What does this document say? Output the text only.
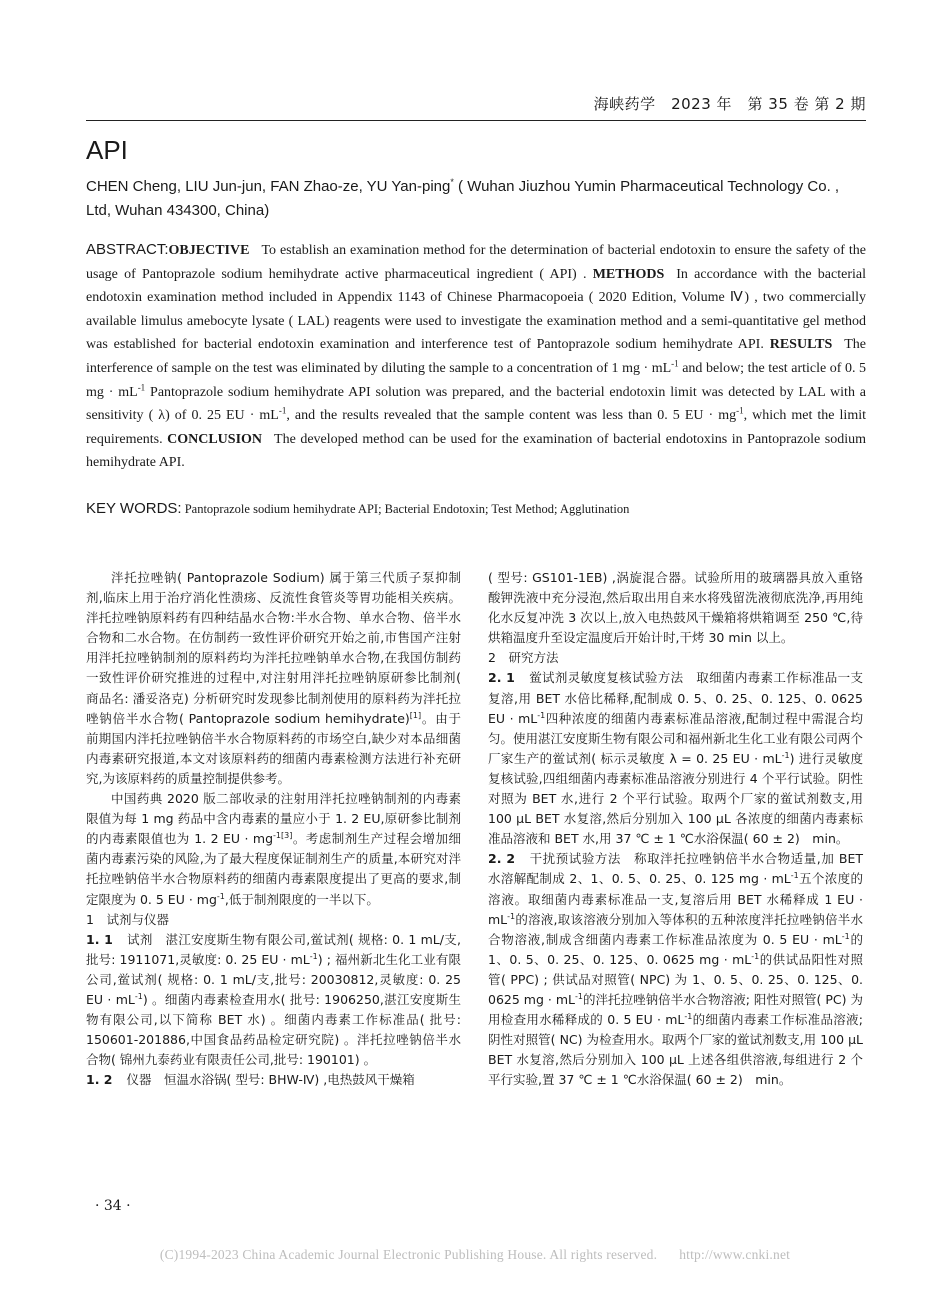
海峡药学　2023 年　第 35 卷 第 2 期
API
CHEN Cheng, LIU Jun-jun, FAN Zhao-ze, YU Yan-ping* ( Wuhan Jiuzhou Yumin Pharmaceutical Technology Co. , Ltd, Wuhan 434300, China)
ABSTRACT:OBJECTIVE To establish an examination method for the determination of bacterial endotoxin to ensure the safety of the usage of Pantoprazole sodium hemihydrate active pharmaceutical ingredient ( API) . METHODS In accordance with the bacterial endotoxin examination method included in Appendix 1143 of Chinese Pharmacopoeia ( 2020 Edition, Volume Ⅳ) , two commercially available limulus amebocyte lysate ( LAL) reagents were used to investigate the examination method and a semi-quantitative gel method was established for bacterial endotoxin examination and interference test of Pantoprazole sodium hemihydrate API. RESULTS The interference of sample on the test was eliminated by diluting the sample to a concentration of 1 mg · $mL^{-1}$ and below; the test article of 0. 5 mg · $mL^{-1}$ Pantoprazole sodium hemihydrate API solution was prepared, and the bacterial endotoxin limit was detected by LAL with a sensitivity ( λ) of 0. 25 EU · $mL^{-1}$, and the results revealed that the sample content was less than 0. 5 EU · $mg^{-1}$, which met the limit requirements. CONCLUSION The developed method can be used for the examination of bacterial endotoxins in Pantoprazole sodium hemihydrate API.
KEY WORDS: Pantoprazole sodium hemihydrate API; Bacterial Endotoxin; Test Method; Agglutination

泮托拉唑钠( Pantoprazole Sodium) 属于第三代质子泵抑制剂,临床上用于治疗消化性溃疡、反流性食管炎等胃功能相关疾病。泮托拉唑钠原料药有四种结晶水合物:半水合物、单水合物、倍半水合物和二水合物。在仿制药一致性评价研究开始之前,市售国产注射用泮托拉唑钠制剂的原料药均为泮托拉唑钠单水合物,在我国仿制药一致性评价研究推进的过程中,对注射用泮托拉唑钠原研参比制剂( 商品名: 潘妥洛克) 分析研究时发现参比制剂使用的原料药为泮托拉唑钠倍半水合物( Pantoprazole sodium hemihydrate)[1]。由于前期国内泮托拉唑钠倍半水合物原料药的市场空白,缺少对本品细菌内毒素研究报道,本文对该原料药的细菌内毒素检测方法进行补充研究,为该原料药的质量控制提供参考。

中国药典 2020 版二部收录的注射用泮托拉唑钠制剂的内毒素限值为每 1 mg 药品中含内毒素的量应小于 1. 2 EU,原研参比制剂的内毒素限值也为 1. 2 EU · $mg^{-1[3]}$。考虑制剂生产过程会增加细菌内毒素污染的风险,为了最大程度保证制剂生产的质量,本研究对泮托拉唑钠倍半水合物原料药的细菌内毒素限度提出了更高的要求,制定限度为 0. 5 EU · $mg^{-1}$,低于制剂限度的一半以下。

1　试剂与仪器

1. 1 试剂　湛江安度斯生物有限公司,鲎试剂( 规格: 0. 1 mL/支,批号: 1911071,灵敏度: 0. 25 EU · $mL^{-1}$) ; 福州新北生化工业有限公司,鲎试剂( 规格: 0. 1 mL/支,批号: 20030812,灵敏度: 0. 25 EU · $mL^{-1}$) 。细菌内毒素检查用水( 批号: 1906250,湛江安度斯生物有限公司,以下简称 BET 水) 。细菌内毒素工作标准品( 批号: 150601-201886,中国食品药品检定研究院) 。泮托拉唑钠倍半水合物( 锦州九泰药业有限责任公司,批号: 190101) 。

1. 2 仪器　恒温水浴锅( 型号: BHW-Ⅳ) ,电热鼓风干燥箱

( 型号: GS101-1EB) ,涡旋混合器。试验所用的玻璃器具放入重铬酸钾洗液中充分浸泡,然后取出用自来水将残留洗液彻底洗净,再用纯化水反复冲洗 3 次以上,放入电热鼓风干燥箱将烘箱调至 250 ℃,待烘箱温度升至设定温度后开始计时,干烤 30 min 以上。

2　研究方法

2. 1 鲎试剂灵敏度复核试验方法　取细菌内毒素工作标准品一支复溶,用 BET 水倍比稀释,配制成 0. 5、0. 25、0. 125、0. 0625 EU · $mL^{-1}$四种浓度的细菌内毒素标准品溶液,配制过程中需混合均匀。使用湛江安度斯生物有限公司和福州新北生化工业有限公司两个厂家生产的鲎试剂( 标示灵敏度 λ = 0. 25 EU · $mL^{-1}$) 进行灵敏度复核试验,四组细菌内毒素标准品溶液分别进行 4 个平行试验。阴性对照为 BET 水,进行 2 个平行试验。取两个厂家的鲎试剂数支,用 100 μL BET 水复溶,然后分别加入 100 μL 各浓度的细菌内毒素标准品溶液和 BET 水,用 37 ℃ ± 1 ℃水浴保温( 60 ± 2)　min。

2. 2 干扰预试验方法　称取泮托拉唑钠倍半水合物适量,加 BET 水溶解配制成 2、1、0. 5、0. 25、0. 125 mg · $mL^{-1}$五个浓度的溶液。取细菌内毒素标准品一支,复溶后用 BET 水稀释成 1 EU · $mL^{-1}$的溶液,取该溶液分别加入等体积的五种浓度泮托拉唑钠倍半水合物溶液,制成含细菌内毒素工作标准品浓度为 0. 5 EU · $mL^{-1}$的 1、0. 5、0. 25、0. 125、0. 0625 mg · $mL^{-1}$的供试品阳性对照管( PPC) ; 供试品对照管( NPC) 为 1、0. 5、0. 25、0. 125、0. 0625 mg · $mL^{-1}$的泮托拉唑钠倍半水合物溶液; 阳性对照管( PC) 为用检查用水稀释成的 0. 5 EU · $mL^{-1}$的细菌内毒素工作标准品溶液; 阴性对照管( NC) 为检查用水。取两个厂家的鲎试剂数支,用 100 μL BET 水复溶,然后分别加入 100 μL 上述各组供溶液,每组进行 2 个平行实验,置 37 ℃ ± 1 ℃水浴保温( 60 ± 2)　min。

· 34 ·
(C)1994-2023 China Academic Journal Electronic Publishing House. All rights reserved. http://www.cnki.net
